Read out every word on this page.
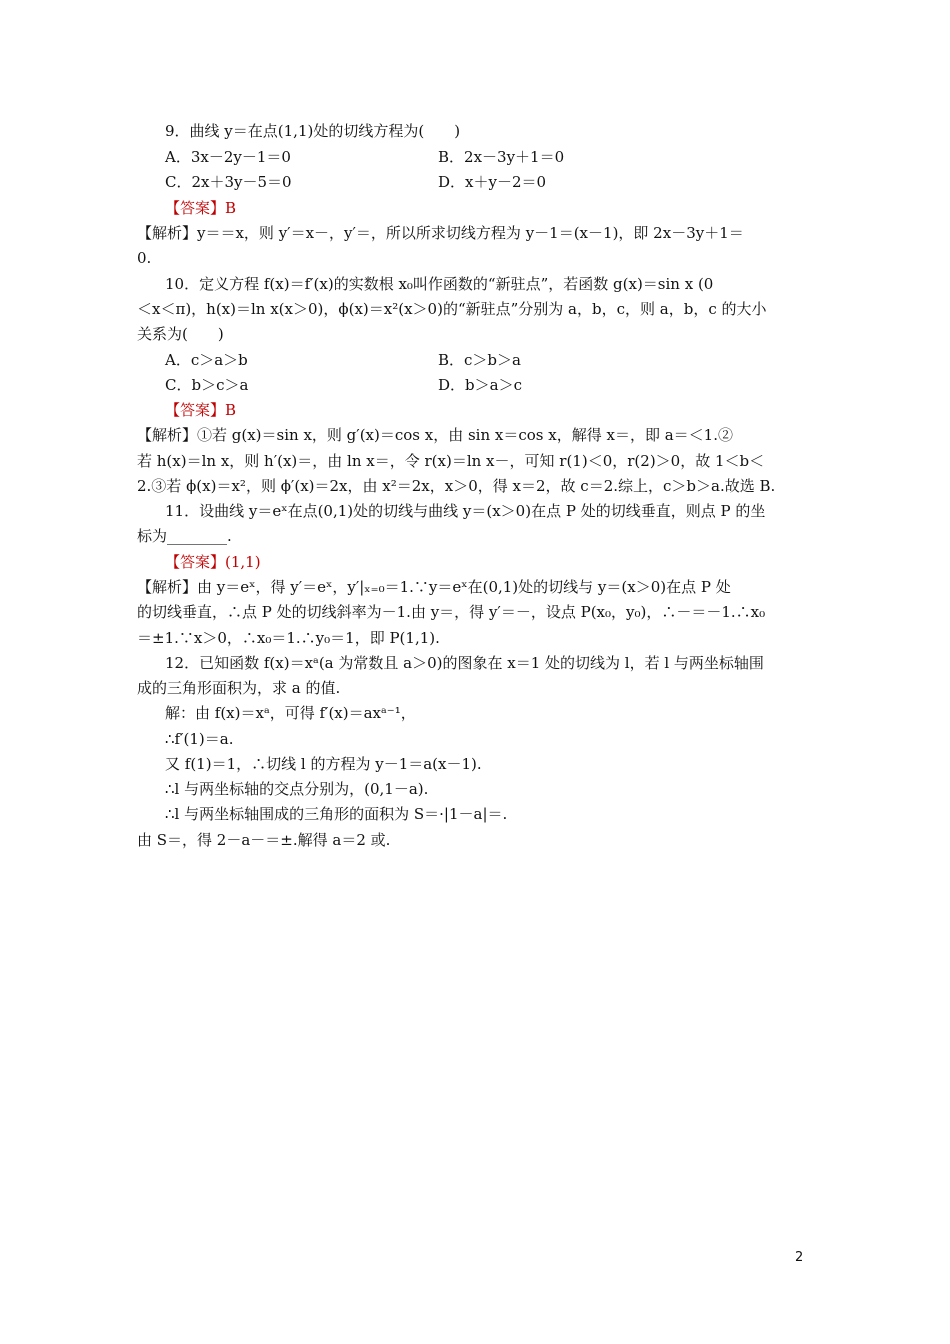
9．曲线 y＝在点(1,1)处的切线方程为(　　)
A．3x－2y－1＝0	B．2x－3y＋1＝0
C．2x＋3y－5＝0	D．x＋y－2＝0
【答案】B
【解析】y＝＝x，则 y′＝x－，y′＝，所以所求切线方程为 y－1＝(x－1)，即 2x－3y＋1＝
0.
10．定义方程 f(x)＝f′(x)的实数根 x₀叫作函数的“新驻点”，若函数 g(x)＝sin x (0
＜x＜π)，h(x)＝ln x(x＞0)，ϕ(x)＝x²(x＞0)的“新驻点”分别为 a，b，c，则 a，b，c 的大小
关系为(　　)
A．c＞a＞b	B．c＞b＞a
C．b＞c＞a	D．b＞a＞c
【答案】B
【解析】①若 g(x)＝sin x，则 g′(x)＝cos x，由 sin x＝cos x，解得 x＝，即 a＝＜1.②
若 h(x)＝ln x，则 h′(x)＝，由 ln x＝，令 r(x)＝ln x－，可知 r(1)＜0，r(2)＞0，故 1＜b＜
2.③若 ϕ(x)＝x²，则 ϕ′(x)＝2x，由 x²＝2x，x＞0，得 x＝2，故 c＝2.综上，c＞b＞a.故选 B.
11．设曲线 y＝eˣ在点(0,1)处的切线与曲线 y＝(x＞0)在点 P 处的切线垂直，则点 P 的坐
标为________.
【答案】(1,1)
【解析】由 y＝eˣ，得 y′＝eˣ，y′|ₓ₌₀＝1.∵y＝eˣ在(0,1)处的切线与 y＝(x＞0)在点 P 处
的切线垂直，∴点 P 处的切线斜率为－1.由 y＝，得 y′＝－，设点 P(x₀，y₀)，∴－＝－1.∴x₀
＝±1.∵x＞0，∴x₀＝1.∴y₀＝1，即 P(1,1).
12．已知函数 f(x)＝xᵃ(a 为常数且 a＞0)的图象在 x＝1 处的切线为 l，若 l 与两坐标轴围
成的三角形面积为，求 a 的值.
解：由 f(x)＝xᵃ，可得 f′(x)＝axᵃ⁻¹，
∴f′(1)＝a.
又 f(1)＝1，∴切线 l 的方程为 y－1＝a(x－1).
∴l 与两坐标轴的交点分别为，(0,1－a).
∴l 与两坐标轴围成的三角形的面积为 S＝·|1－a|＝.
由 S＝，得 2－a－＝±.解得 a＝2 或.
2
